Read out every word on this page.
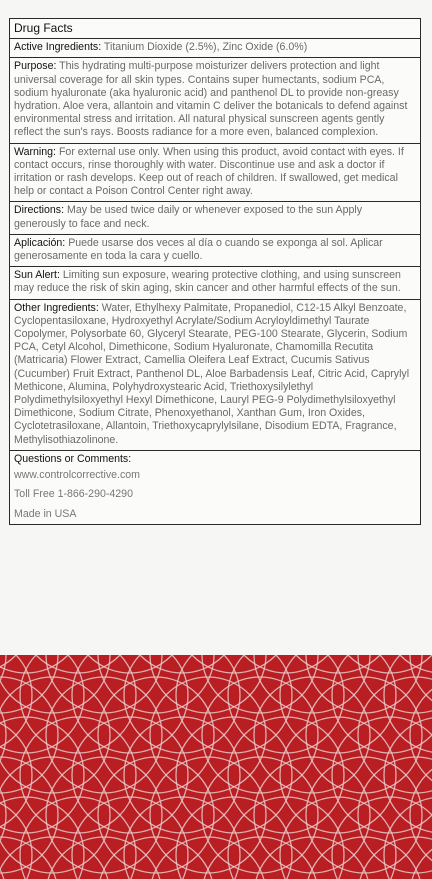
Drug Facts
Active Ingredients: Titanium Dioxide (2.5%), Zinc Oxide (6.0%)
Purpose: This hydrating multi-purpose moisturizer delivers protection and light universal coverage for all skin types. Contains super humectants, sodium PCA, sodium hyaluronate (aka hyaluronic acid) and panthenol DL to provide non-greasy hydration. Aloe vera, allantoin and vitamin C deliver the botanicals to defend against environmental stress and irritation. All natural physical sunscreen agents gently reflect the sun's rays. Boosts radiance for a more even, balanced complexion.
Warning: For external use only. When using this product, avoid contact with eyes. If contact occurs, rinse thoroughly with water. Discontinue use and ask a doctor if irritation or rash develops. Keep out of reach of children. If swallowed, get medical help or contact a Poison Control Center right away.
Directions: May be used twice daily or whenever exposed to the sun Apply generously to face and neck.
Aplicación: Puede usarse dos veces al día o cuando se exponga al sol. Aplicar generosamente en toda la cara y cuello.
Sun Alert: Limiting sun exposure, wearing protective clothing, and using sunscreen may reduce the risk of skin aging, skin cancer and other harmful effects of the sun.
Other Ingredients: Water, Ethylhexy Palmitate, Propanediol, C12-15 Alkyl Benzoate, Cyclopentasiloxane, Hydroxyethyl Acrylate/Sodium Acryloyldimethyl Taurate Copolymer, Polysorbate 60, Glyceryl Stearate, PEG-100 Stearate, Glycerin, Sodium PCA, Cetyl Alcohol, Dimethicone, Sodium Hyaluronate, Chamomilla Recutita (Matricaria) Flower Extract, Camellia Oleifera Leaf Extract, Cucumis Sativus (Cucumber) Fruit Extract, Panthenol DL, Aloe Barbadensis Leaf, Citric Acid, Caprylyl Methicone, Alumina, Polyhydroxystearic Acid, Triethoxysilylethyl Polydimethylsiloxyethyl Hexyl Dimethicone, Lauryl PEG-9 Polydimethylsiloxyethyl Dimethicone, Sodium Citrate, Phenoxyethanol, Xanthan Gum, Iron Oxides, Cyclotetrasiloxane, Allantoin, Triethoxycaprylylsilane, Disodium EDTA, Fragrance, Methylisothiazolinone.
Questions or Comments:
www.controlcorrective.com
Toll Free 1-866-290-4290
Made in USA
